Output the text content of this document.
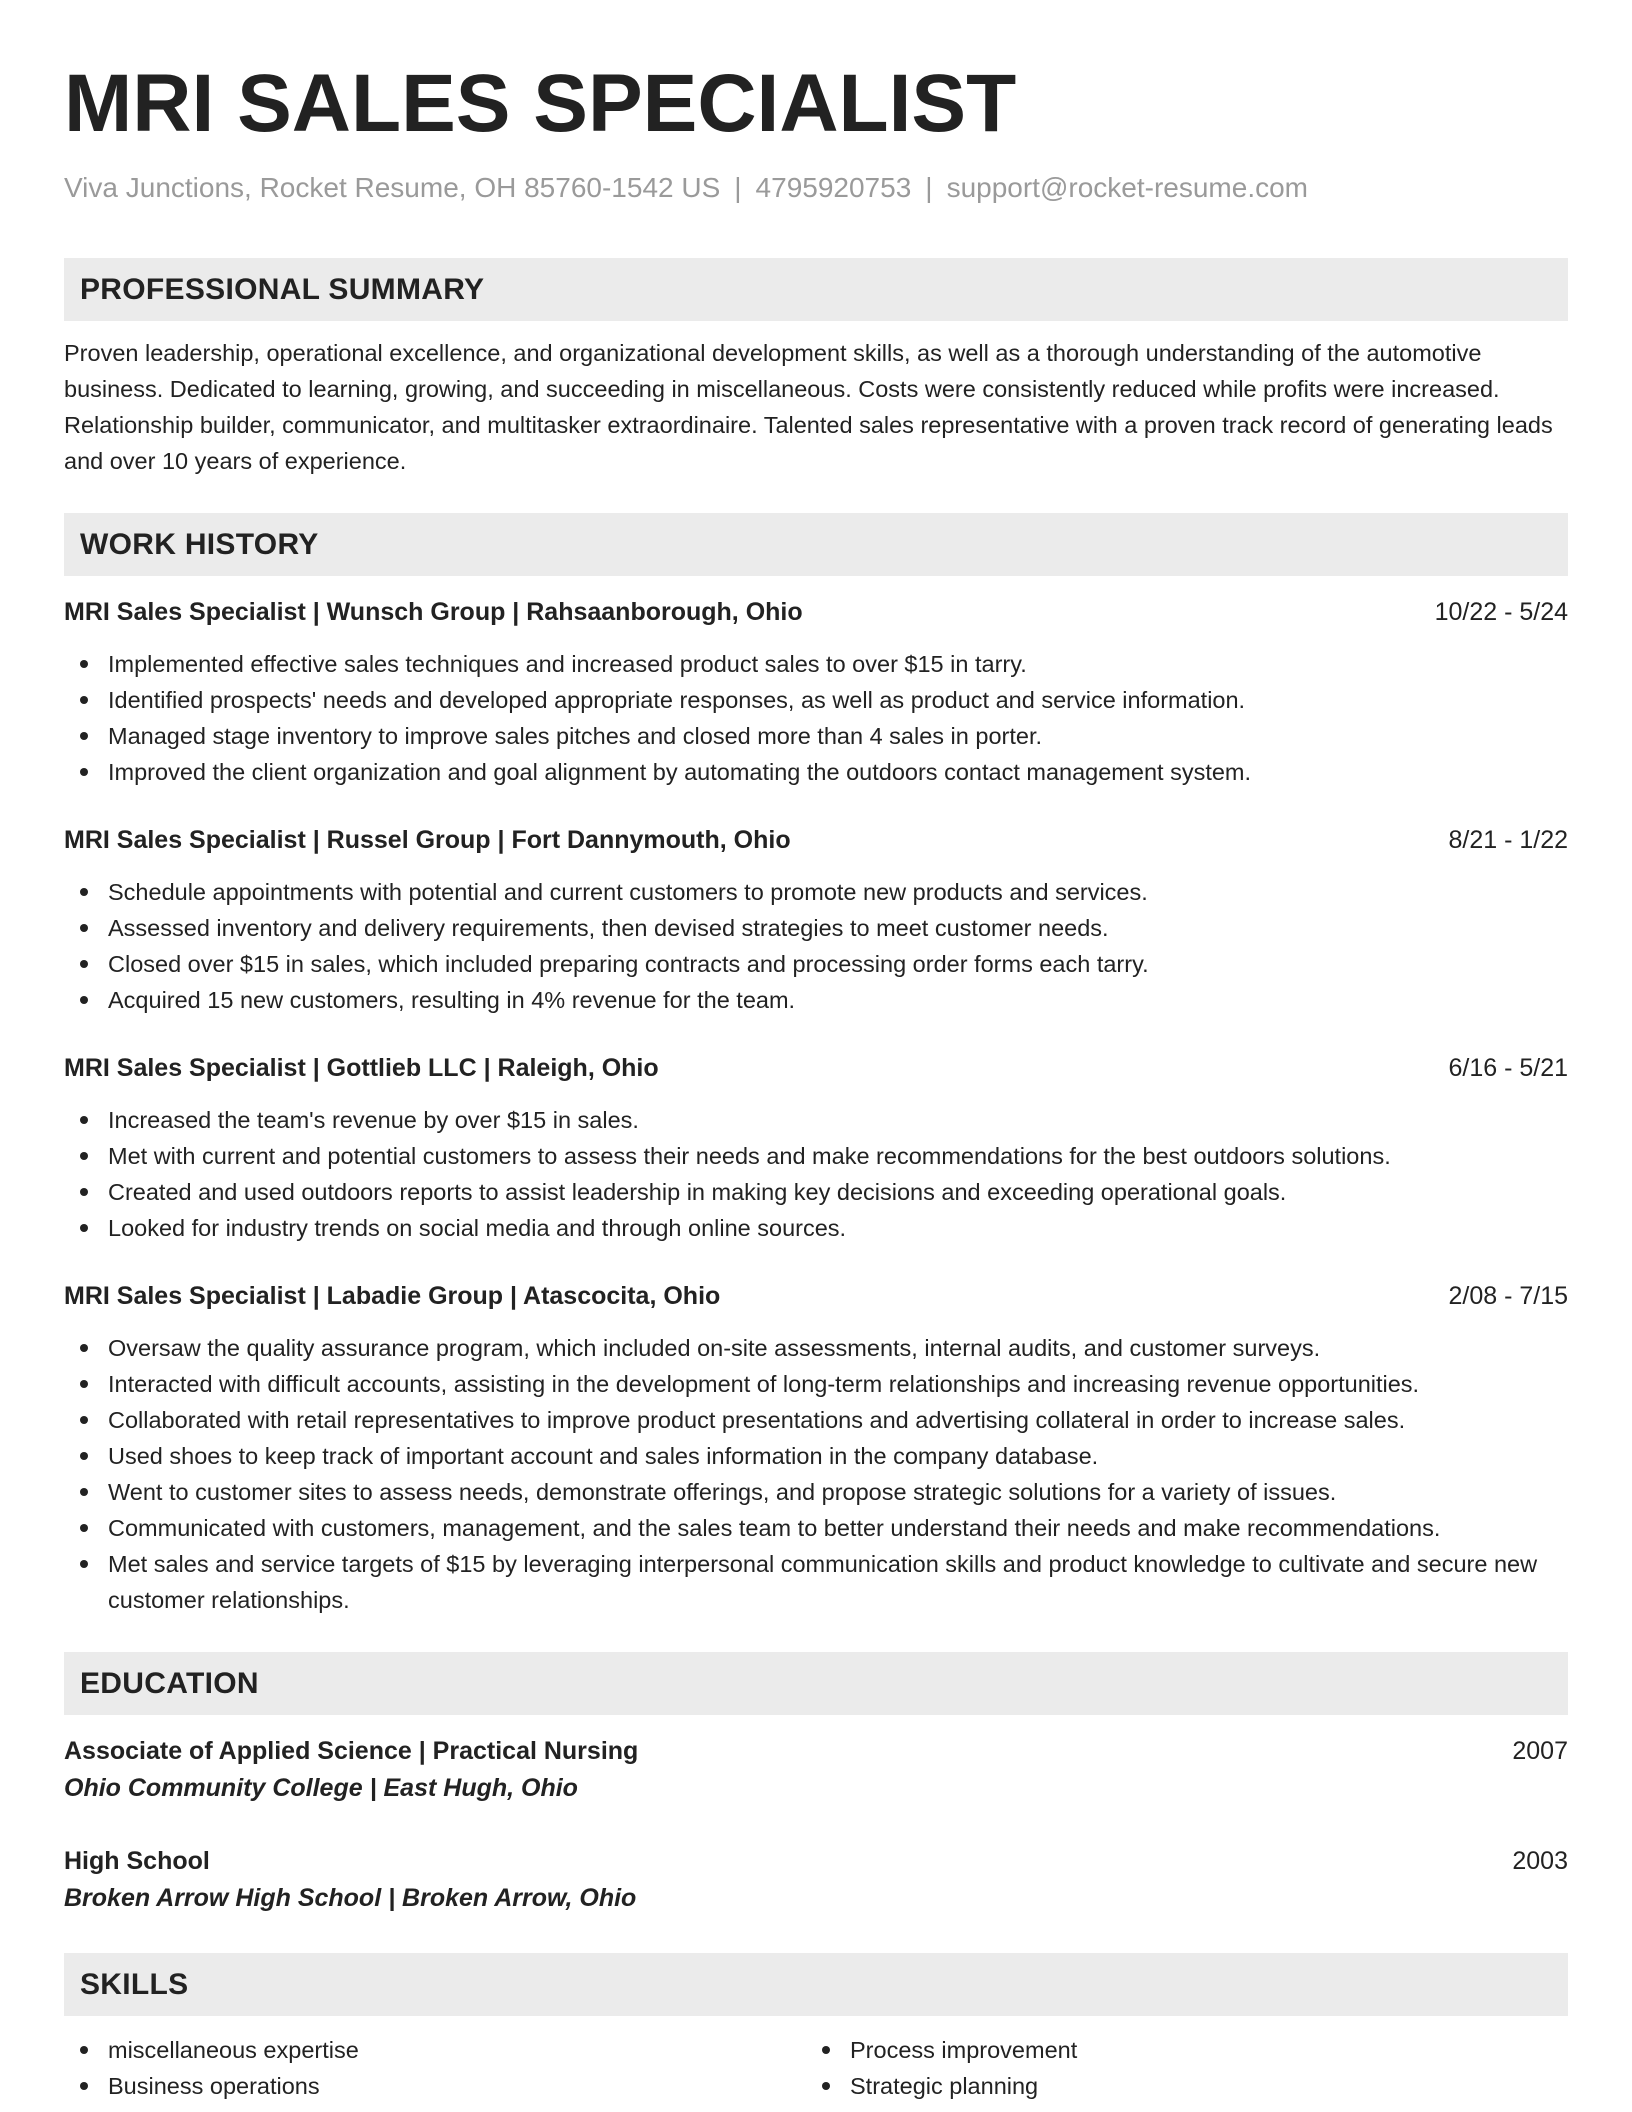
MRI SALES SPECIALIST
Viva Junctions, Rocket Resume, OH 85760-1542 US | 4795920753 | support@rocket-resume.com
PROFESSIONAL SUMMARY

Proven leadership, operational excellence, and organizational development skills, as well as a thorough understanding of the automotive business. Dedicated to learning, growing, and succeeding in miscellaneous. Costs were consistently reduced while profits were increased. Relationship builder, communicator, and multitasker extraordinaire. Talented sales representative with a proven track record of generating leads and over 10 years of experience.

WORK HISTORY
MRI Sales Specialist | Wunsch Group | Rahsaanborough, Ohio	10/22 - 5/24
Implemented effective sales techniques and increased product sales to over $15 in tarry.
Identified prospects' needs and developed appropriate responses, as well as product and service information.
Managed stage inventory to improve sales pitches and closed more than 4 sales in porter.
Improved the client organization and goal alignment by automating the outdoors contact management system.
MRI Sales Specialist | Russel Group | Fort Dannymouth, Ohio	8/21 - 1/22
Schedule appointments with potential and current customers to promote new products and services.
Assessed inventory and delivery requirements, then devised strategies to meet customer needs.
Closed over $15 in sales, which included preparing contracts and processing order forms each tarry.
Acquired 15 new customers, resulting in 4% revenue for the team.
MRI Sales Specialist | Gottlieb LLC | Raleigh, Ohio	6/16 - 5/21
Increased the team's revenue by over $15 in sales.
Met with current and potential customers to assess their needs and make recommendations for the best outdoors solutions.
Created and used outdoors reports to assist leadership in making key decisions and exceeding operational goals.
Looked for industry trends on social media and through online sources.
MRI Sales Specialist | Labadie Group | Atascocita, Ohio	2/08 - 7/15
Oversaw the quality assurance program, which included on-site assessments, internal audits, and customer surveys.
Interacted with difficult accounts, assisting in the development of long-term relationships and increasing revenue opportunities.
Collaborated with retail representatives to improve product presentations and advertising collateral in order to increase sales.
Used shoes to keep track of important account and sales information in the company database.
Went to customer sites to assess needs, demonstrate offerings, and propose strategic solutions for a variety of issues.
Communicated with customers, management, and the sales team to better understand their needs and make recommendations.
Met sales and service targets of $15 by leveraging interpersonal communication skills and product knowledge to cultivate and secure new customer relationships.
EDUCATION
Associate of Applied Science | Practical Nursing	2007
Ohio Community College | East Hugh, Ohio
High School	2003
Broken Arrow High School | Broken Arrow, Ohio
SKILLS
miscellaneous expertise
Business operations
Process improvement
Strategic planning
